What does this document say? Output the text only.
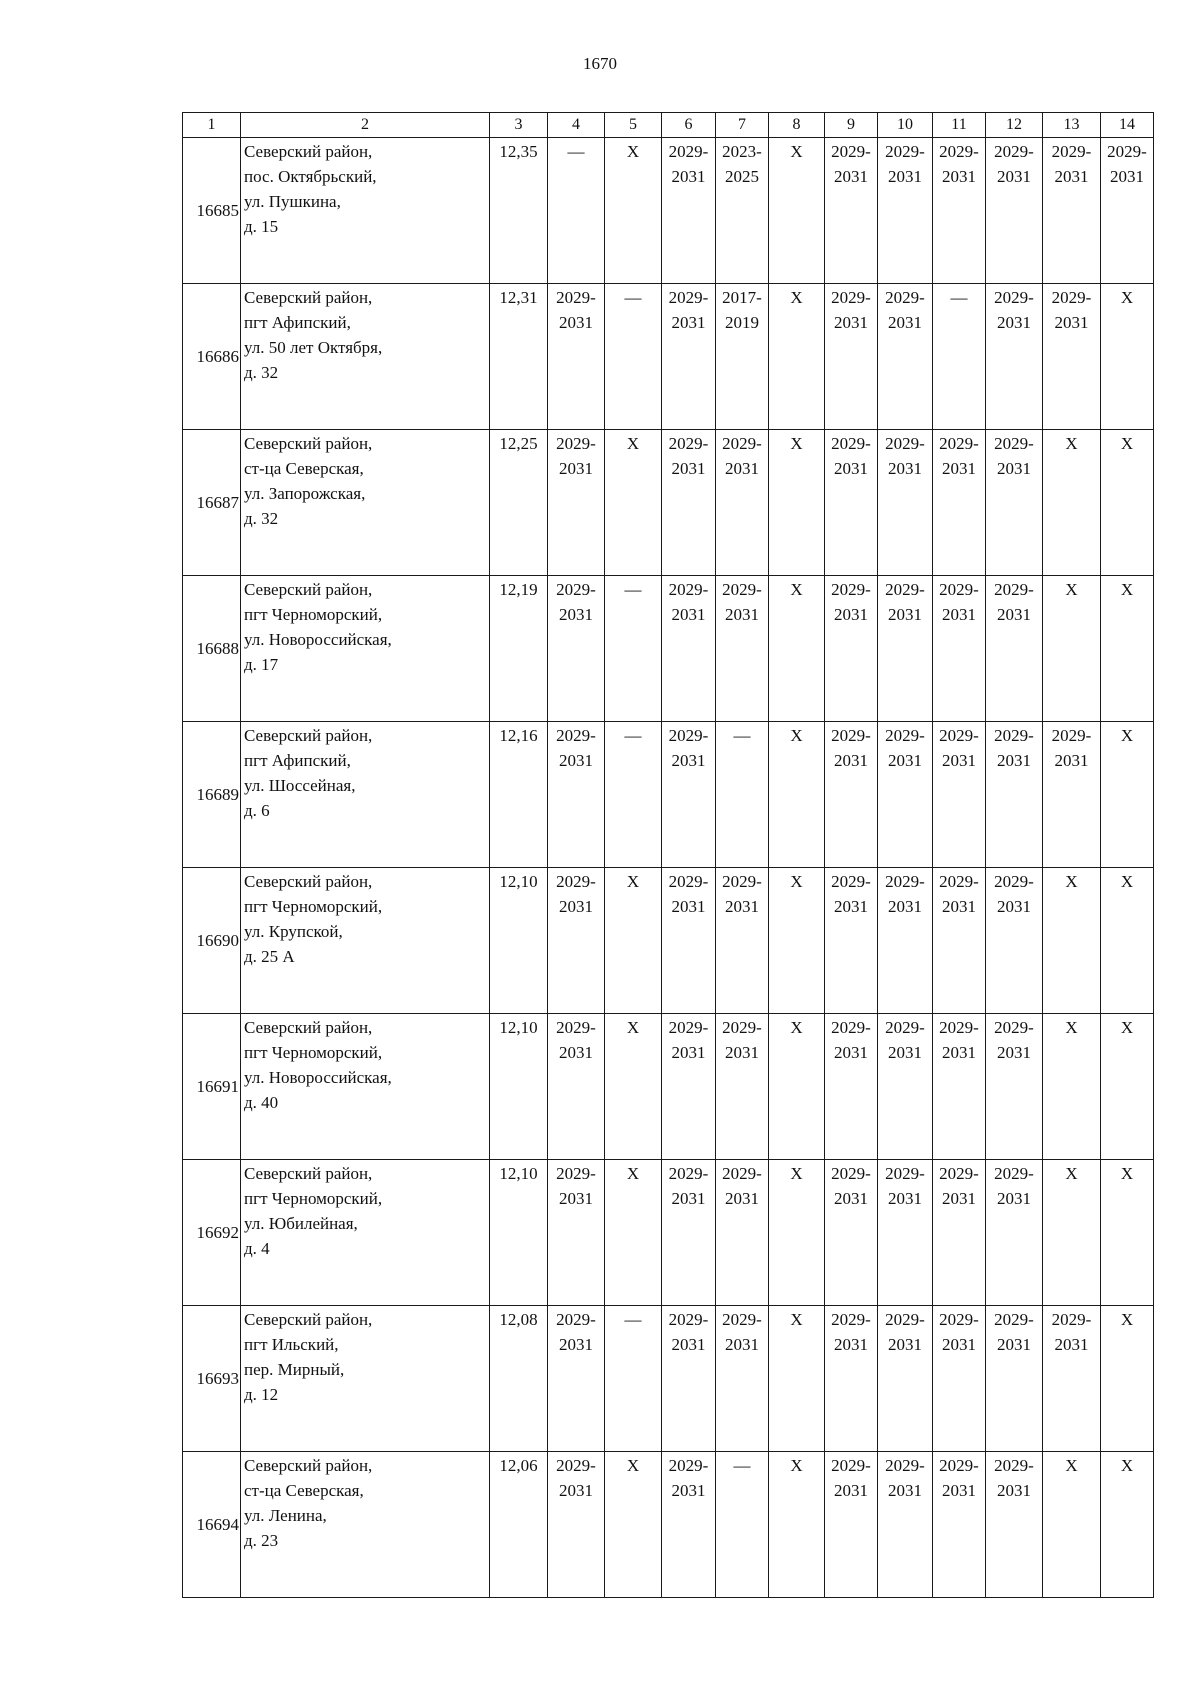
1670
1	2	3	4	5	6	7	8	9	10	11	12	13	14
16685	Северский район,
пос. Октябрьский,
ул. Пушкина,
д. 15	12,35	—	Х	2029-
2031	2023-
2025	Х	2029-
2031	2029-
2031	2029-
2031	2029-
2031	2029-
2031	2029-
2031

16686	Северский район,
пгт Афипский,
ул. 50 лет Октября,
д. 32	12,31	2029-
2031	—	2029-
2031	2017-
2019	Х	2029-
2031	2029-
2031	—	2029-
2031	2029-
2031	Х

16687	Северский район,
ст-ца Северская,
ул. Запорожская,
д. 32	12,25	2029-
2031	Х	2029-
2031	2029-
2031	Х	2029-
2031	2029-
2031	2029-
2031	2029-
2031	Х	Х

16688	Северский район,
пгт Черноморский,
ул. Новороссийская,
д. 17	12,19	2029-
2031	—	2029-
2031	2029-
2031	Х	2029-
2031	2029-
2031	2029-
2031	2029-
2031	Х	Х

16689	Северский район,
пгт Афипский,
ул. Шоссейная,
д. 6	12,16	2029-
2031	—	2029-
2031	—	Х	2029-
2031	2029-
2031	2029-
2031	2029-
2031	2029-
2031	Х

16690	Северский район,
пгт Черноморский,
ул. Крупской,
д. 25 А	12,10	2029-
2031	Х	2029-
2031	2029-
2031	Х	2029-
2031	2029-
2031	2029-
2031	2029-
2031	Х	Х

16691	Северский район,
пгт Черноморский,
ул. Новороссийская,
д. 40	12,10	2029-
2031	Х	2029-
2031	2029-
2031	Х	2029-
2031	2029-
2031	2029-
2031	2029-
2031	Х	Х

16692	Северский район,
пгт Черноморский,
ул. Юбилейная,
д. 4	12,10	2029-
2031	Х	2029-
2031	2029-
2031	Х	2029-
2031	2029-
2031	2029-
2031	2029-
2031	Х	Х

16693	Северский район,
пгт Ильский,
пер. Мирный,
д. 12	12,08	2029-
2031	—	2029-
2031	2029-
2031	Х	2029-
2031	2029-
2031	2029-
2031	2029-
2031	2029-
2031	Х

16694	Северский район,
ст-ца Северская,
ул. Ленина,
д. 23	12,06	2029-
2031	Х	2029-
2031	—	Х	2029-
2031	2029-
2031	2029-
2031	2029-
2031	Х	Х
